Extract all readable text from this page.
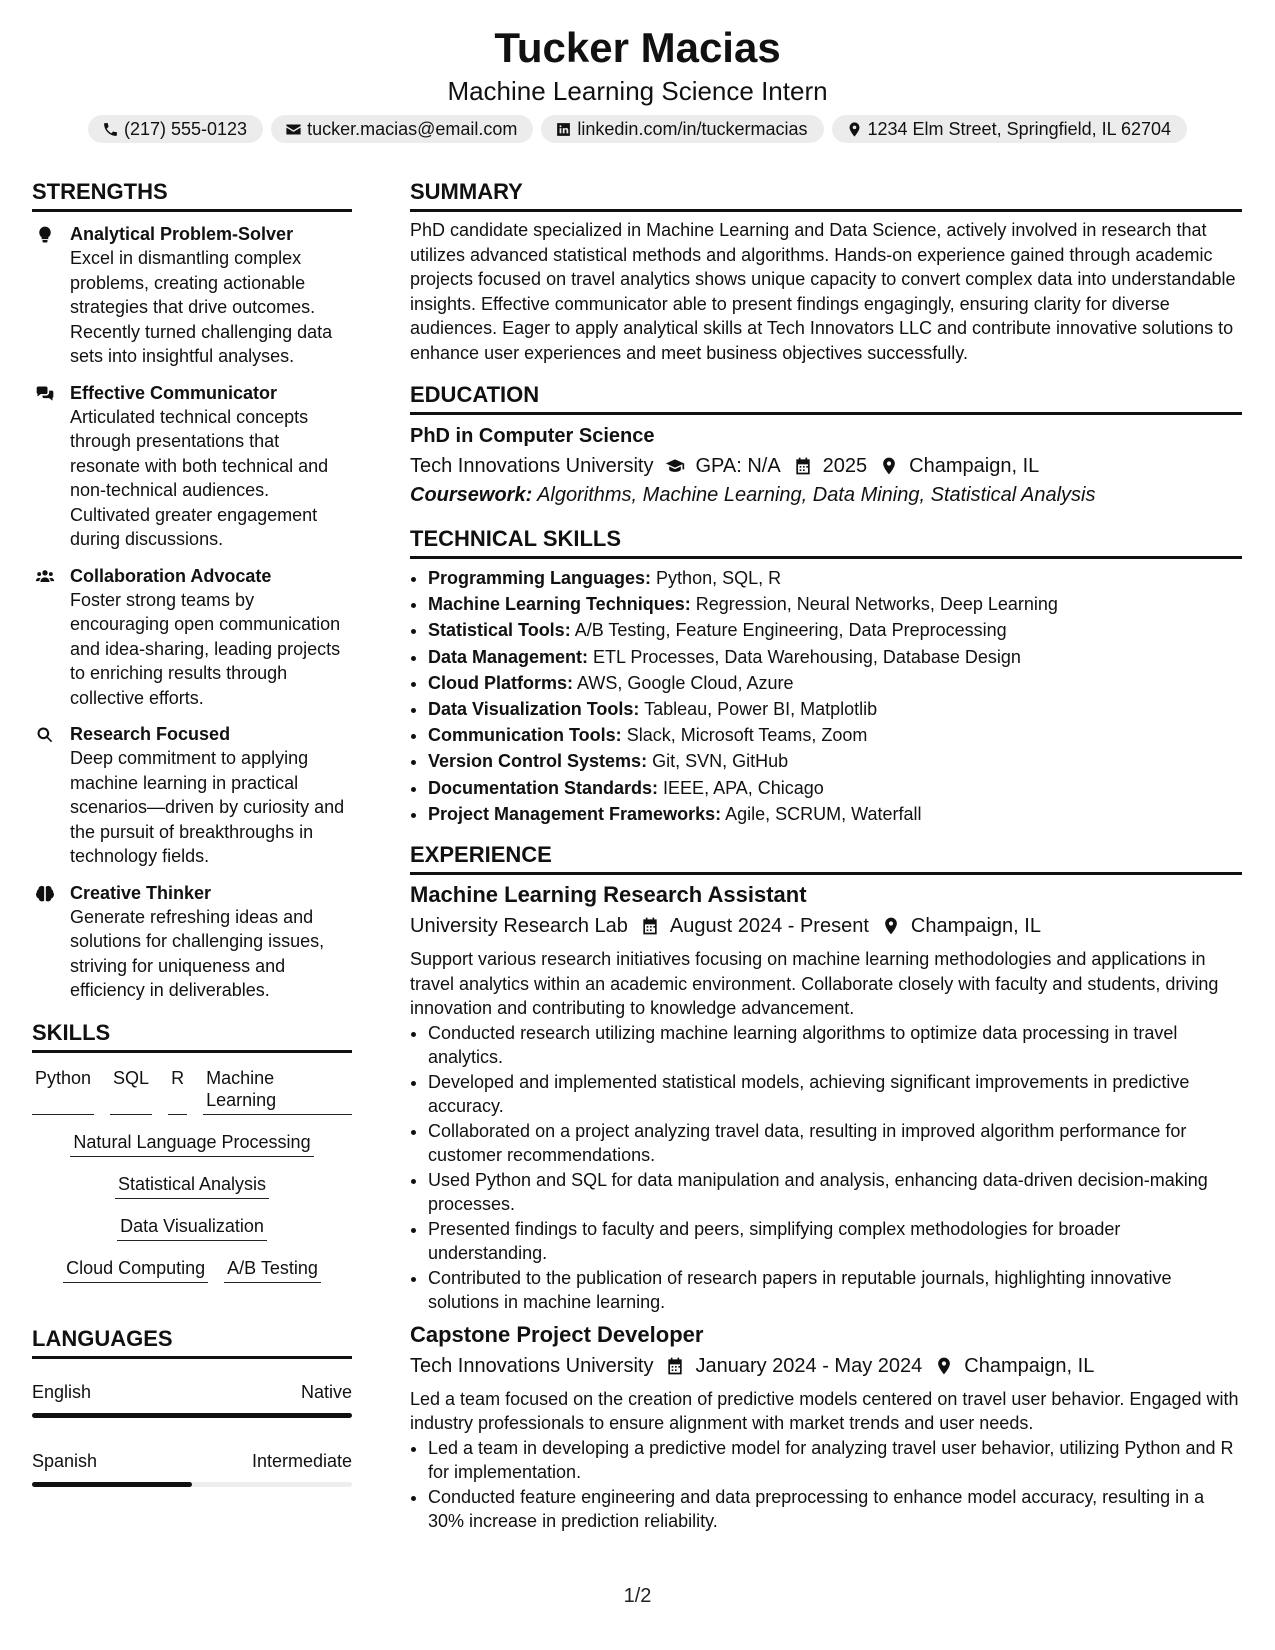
Tucker Macias
Machine Learning Science Intern
(217) 555-0123	tucker.macias@email.com	linkedin.com/in/tuckermacias	1234 Elm Street, Springfield, IL 62704
STRENGTHS
Analytical Problem-Solver
Excel in dismantling complex problems, creating actionable strategies that drive outcomes. Recently turned challenging data sets into insightful analyses.
Effective Communicator
Articulated technical concepts through presentations that resonate with both technical and non-technical audiences. Cultivated greater engagement during discussions.
Collaboration Advocate
Foster strong teams by encouraging open communication and idea-sharing, leading projects to enriching results through collective efforts.
Research Focused
Deep commitment to applying machine learning in practical scenarios—driven by curiosity and the pursuit of breakthroughs in technology fields.
Creative Thinker
Generate refreshing ideas and solutions for challenging issues, striving for uniqueness and efficiency in deliverables.
SKILLS
Python SQL R Machine Learning
Natural Language Processing
Statistical Analysis
Data Visualization
Cloud Computing A/B Testing
LANGUAGES
English	Native
Spanish	Intermediate
SUMMARY
PhD candidate specialized in Machine Learning and Data Science, actively involved in research that utilizes advanced statistical methods and algorithms. Hands-on experience gained through academic projects focused on travel analytics shows unique capacity to convert complex data into understandable insights. Effective communicator able to present findings engagingly, ensuring clarity for diverse audiences. Eager to apply analytical skills at Tech Innovators LLC and contribute innovative solutions to enhance user experiences and meet business objectives successfully.
EDUCATION
PhD in Computer Science
Tech Innovations University GPA: N/A 2025 Champaign, IL
Coursework: Algorithms, Machine Learning, Data Mining, Statistical Analysis
TECHNICAL SKILLS
• Programming Languages: Python, SQL, R
• Machine Learning Techniques: Regression, Neural Networks, Deep Learning
• Statistical Tools: A/B Testing, Feature Engineering, Data Preprocessing
• Data Management: ETL Processes, Data Warehousing, Database Design
• Cloud Platforms: AWS, Google Cloud, Azure
• Data Visualization Tools: Tableau, Power BI, Matplotlib
• Communication Tools: Slack, Microsoft Teams, Zoom
• Version Control Systems: Git, SVN, GitHub
• Documentation Standards: IEEE, APA, Chicago
• Project Management Frameworks: Agile, SCRUM, Waterfall
EXPERIENCE
Machine Learning Research Assistant
University Research Lab August 2024 - Present Champaign, IL
Support various research initiatives focusing on machine learning methodologies and applications in travel analytics within an academic environment. Collaborate closely with faculty and students, driving innovation and contributing to knowledge advancement.
• Conducted research utilizing machine learning algorithms to optimize data processing in travel analytics.
• Developed and implemented statistical models, achieving significant improvements in predictive accuracy.
• Collaborated on a project analyzing travel data, resulting in improved algorithm performance for customer recommendations.
• Used Python and SQL for data manipulation and analysis, enhancing data-driven decision-making processes.
• Presented findings to faculty and peers, simplifying complex methodologies for broader understanding.
• Contributed to the publication of research papers in reputable journals, highlighting innovative solutions in machine learning.
Capstone Project Developer
Tech Innovations University January 2024 - May 2024 Champaign, IL
Led a team focused on the creation of predictive models centered on travel user behavior. Engaged with industry professionals to ensure alignment with market trends and user needs.
• Led a team in developing a predictive model for analyzing travel user behavior, utilizing Python and R for implementation.
• Conducted feature engineering and data preprocessing to enhance model accuracy, resulting in a 30% increase in prediction reliability.
1/2
